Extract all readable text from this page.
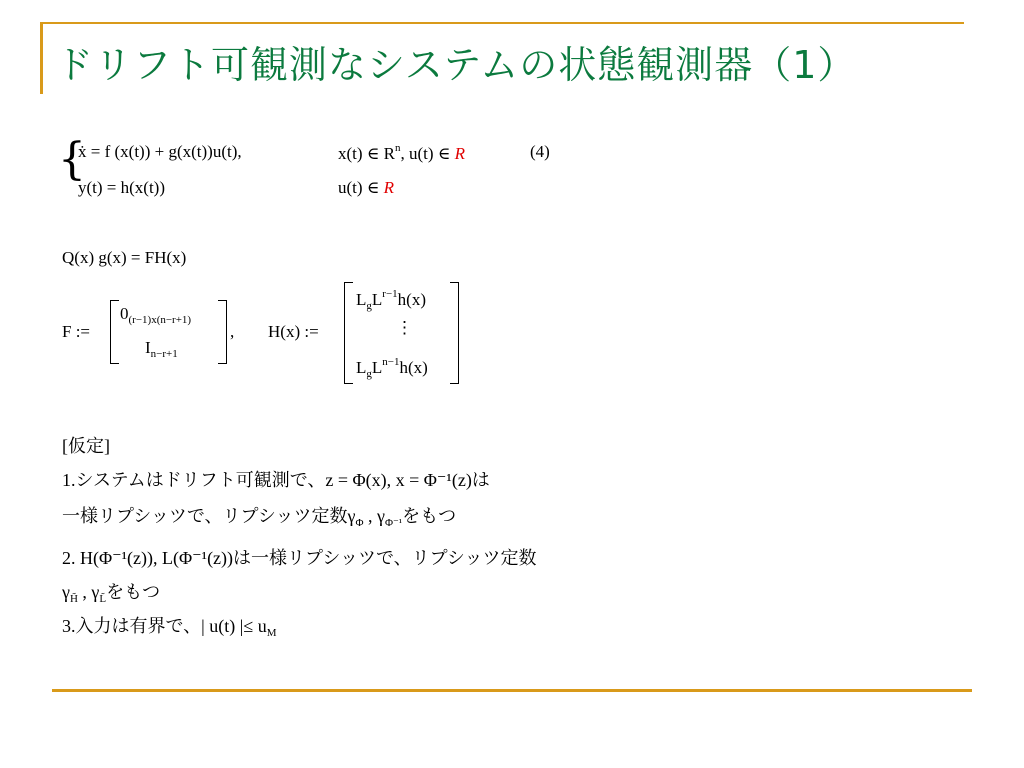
ドリフト可観測なシステムの状態観測器（1）
{
ẋ = f (x(t)) + g(x(t))u(t),	x(t) ∈ $R^n$, u(t) ∈ R	(4)
y(t) = h(x(t))	u(t) ∈ R
Q(x) g(x) = FH(x)
F :=
$0_{(r-1)x(n-r+1)}$
$I_{n-r+1}$
, H(x) :=
$L_gL^{r-1}h(x)$
⋮
$L_gL^{n-1}h(x)$
[仮定]
1.システムはドリフト可観測で、z = Φ(x), x = Φ⁻¹(z)は
一様リプシッツで、リプシッツ定数$\gamma_\Phi$ , $\gamma_{\Phi^{-1}}$をもつ
2. H(Φ⁻¹(z)), L(Φ⁻¹(z))は一様リプシッツで、リプシッツ定数
$\gamma_{H̃}$ , $\gamma_{L̃}$をもつ
3.入力は有界で、| u(t) |≤ $u_M$
